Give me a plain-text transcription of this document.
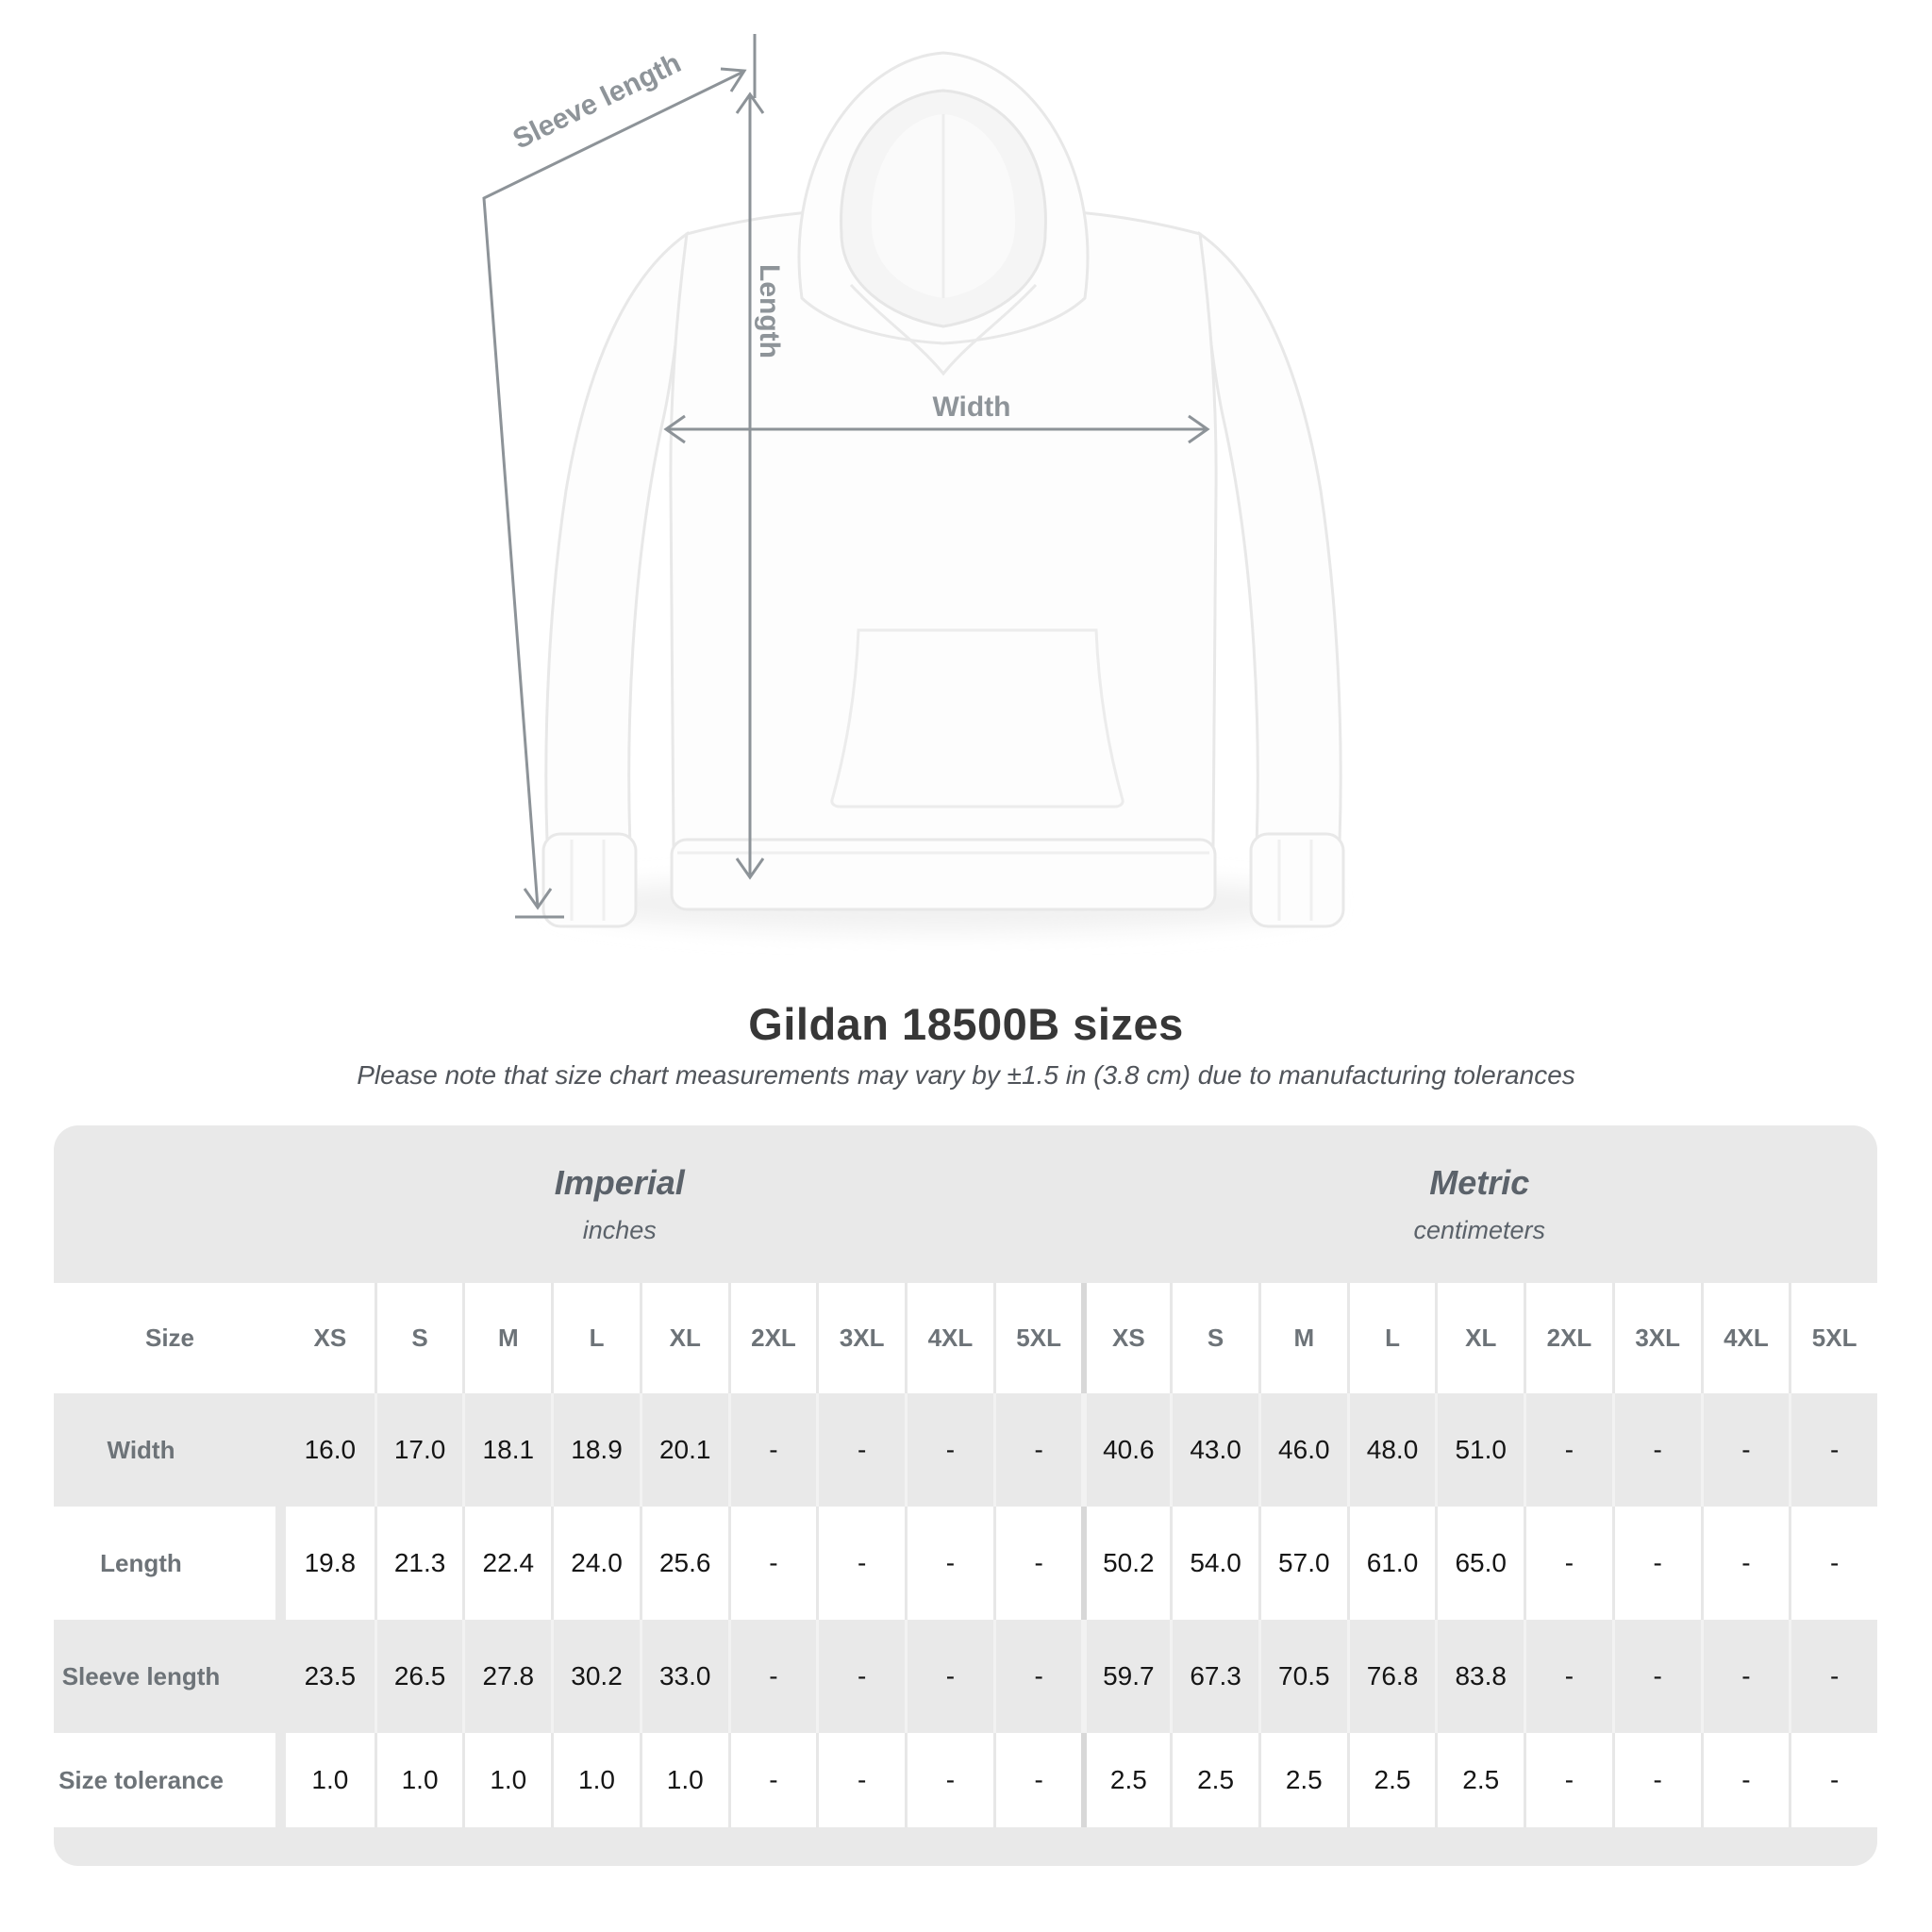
Sleeve length
Length
Width
Gildan 18500B sizes
Please note that size chart measurements may vary by ±1.5 in (3.8 cm) due to manufacturing tolerances
Imperial
inches
Metric
centimeters
Size	XS	S	M	L	XL	2XL	3XL	4XL	5XL	XS	S	M	L	XL	2XL	3XL	4XL	5XL
Width	16.0	17.0	18.1	18.9	20.1	-	-	-	-	40.6	43.0	46.0	48.0	51.0	-	-	-	-
Length	19.8	21.3	22.4	24.0	25.6	-	-	-	-	50.2	54.0	57.0	61.0	65.0	-	-	-	-
Sleeve length	23.5	26.5	27.8	30.2	33.0	-	-	-	-	59.7	67.3	70.5	76.8	83.8	-	-	-	-
Size tolerance	1.0	1.0	1.0	1.0	1.0	-	-	-	-	2.5	2.5	2.5	2.5	2.5	-	-	-	-
